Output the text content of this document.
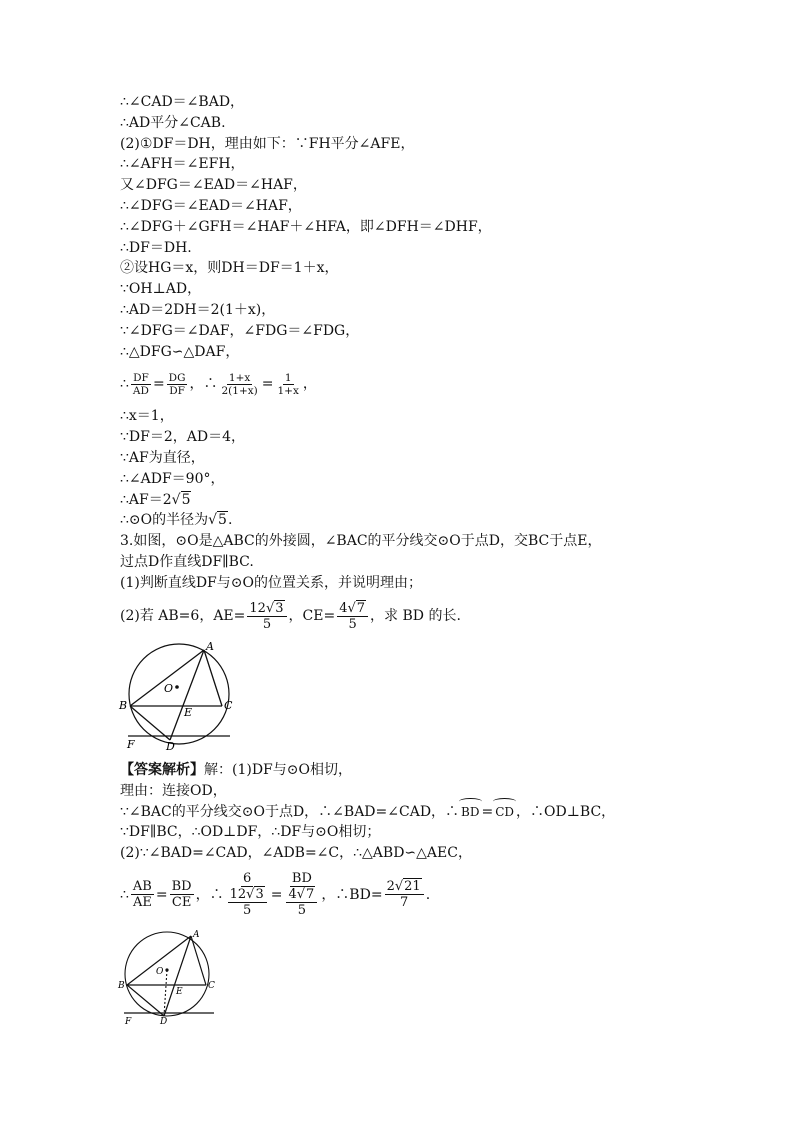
∴∠CAD＝∠BAD，
∴AD平分∠CAB.
(2)①DF＝DH，理由如下：∵FH平分∠AFE，
∴∠AFH＝∠EFH，
又∠DFG＝∠EAD＝∠HAF，
∴∠DFG＝∠EAD＝∠HAF，
∴∠DFG＋∠GFH＝∠HAF＋∠HFA，即∠DFH＝∠DHF，
∴DF＝DH.
②设HG＝x，则DH＝DF＝1＋x，
∵OH⊥AD，
∴AD＝2DH＝2(1＋x)，
∵∠DFG＝∠DAF，∠FDG＝∠FDG，
∴△DFG∽△DAF，
∴ $\frac{DF}{AD} = \frac{DG}{DF}$ ，∴ $\frac{1+x}{2(1+x)} = \frac{1}{1+x}$ ，
∴x＝1，
∵DF＝2，AD＝4，
∵AF为直径，
∴∠ADF＝90°，
∴AF＝2√5
∴⊙O的半径为√5.
3.如图，⊙O是△ABC的外接圆，∠BAC的平分线交⊙O于点D，交BC于点E，
过点D作直线DF∥BC.
(1)判断直线DF与⊙O的位置关系，并说明理由；
(2)若 AB=6，$AE= \frac{12√3}{5}$ ，$CE= \frac{4√7}{5}$ ，求 BD 的长.
A
B	C
D
E
F
O
【答案解析】解：(1)DF与⊙O相切，
理由：连接OD，
∵∠BAC的平分线交⊙O于点D，∴∠BAD=∠CAD，∴ BD = CD ，∴OD⊥BC，
∵DF∥BC，∴OD⊥DF，∴DF与⊙O相切；
(2)∵∠BAD=∠CAD，∠ADB=∠C，∴△ABD∽△AEC，
∴ $\frac{AB}{AE} = \frac{BD}{CE}$ ，∴ $\frac{6}{\frac{12√3}{5}} = \frac{BD}{\frac{4√7}{5}}$ ，∴BD= $\frac{2√21}{7}$ .
A
B	C
D
E
F
O
